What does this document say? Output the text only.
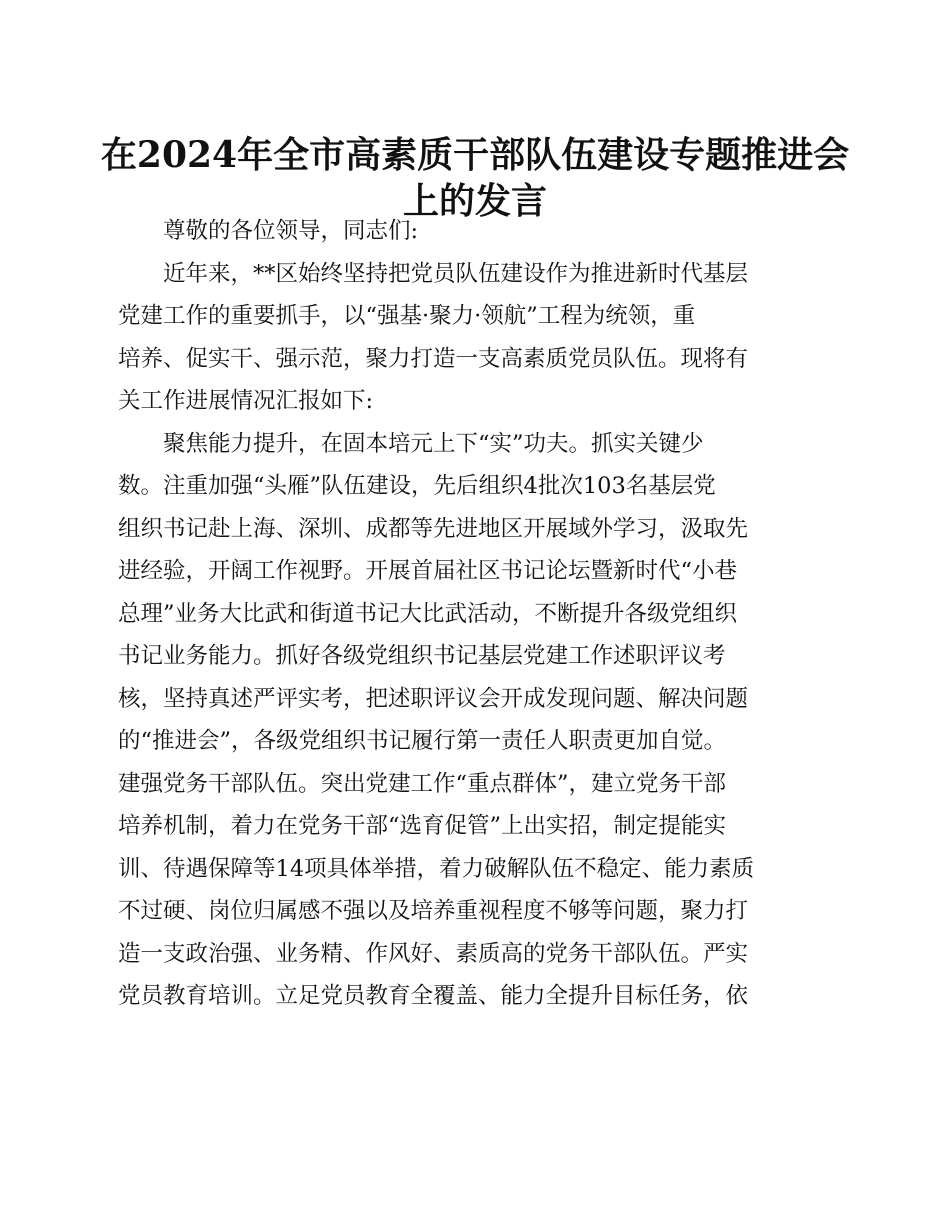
在2024年全市高素质干部队伍建设专题推进会
上的发言
尊敬的各位领导，同志们:
近年来，**区始终坚持把党员队伍建设作为推进新时代基层
党建工作的重要抓手，以“强基·聚力·领航”工程为统领，重
培养、促实干、强示范，聚力打造一支高素质党员队伍。现将有
关工作进展情况汇报如下:
聚焦能力提升，在固本培元上下“实”功夫。抓实关键少
数。注重加强“头雁”队伍建设，先后组织4批次103名基层党
组织书记赴上海、深圳、成都等先进地区开展域外学习，汲取先
进经验，开阔工作视野。开展首届社区书记论坛暨新时代“小巷
总理”业务大比武和街道书记大比武活动，不断提升各级党组织
书记业务能力。抓好各级党组织书记基层党建工作述职评议考
核，坚持真述严评实考，把述职评议会开成发现问题、解决问题
的“推进会”，各级党组织书记履行第一责任人职责更加自觉。
建强党务干部队伍。突出党建工作“重点群体”，建立党务干部
培养机制，着力在党务干部“选育促管”上出实招，制定提能实
训、待遇保障等14项具体举措，着力破解队伍不稳定、能力素质
不过硬、岗位归属感不强以及培养重视程度不够等问题，聚力打
造一支政治强、业务精、作风好、素质高的党务干部队伍。严实
党员教育培训。立足党员教育全覆盖、能力全提升目标任务，依
